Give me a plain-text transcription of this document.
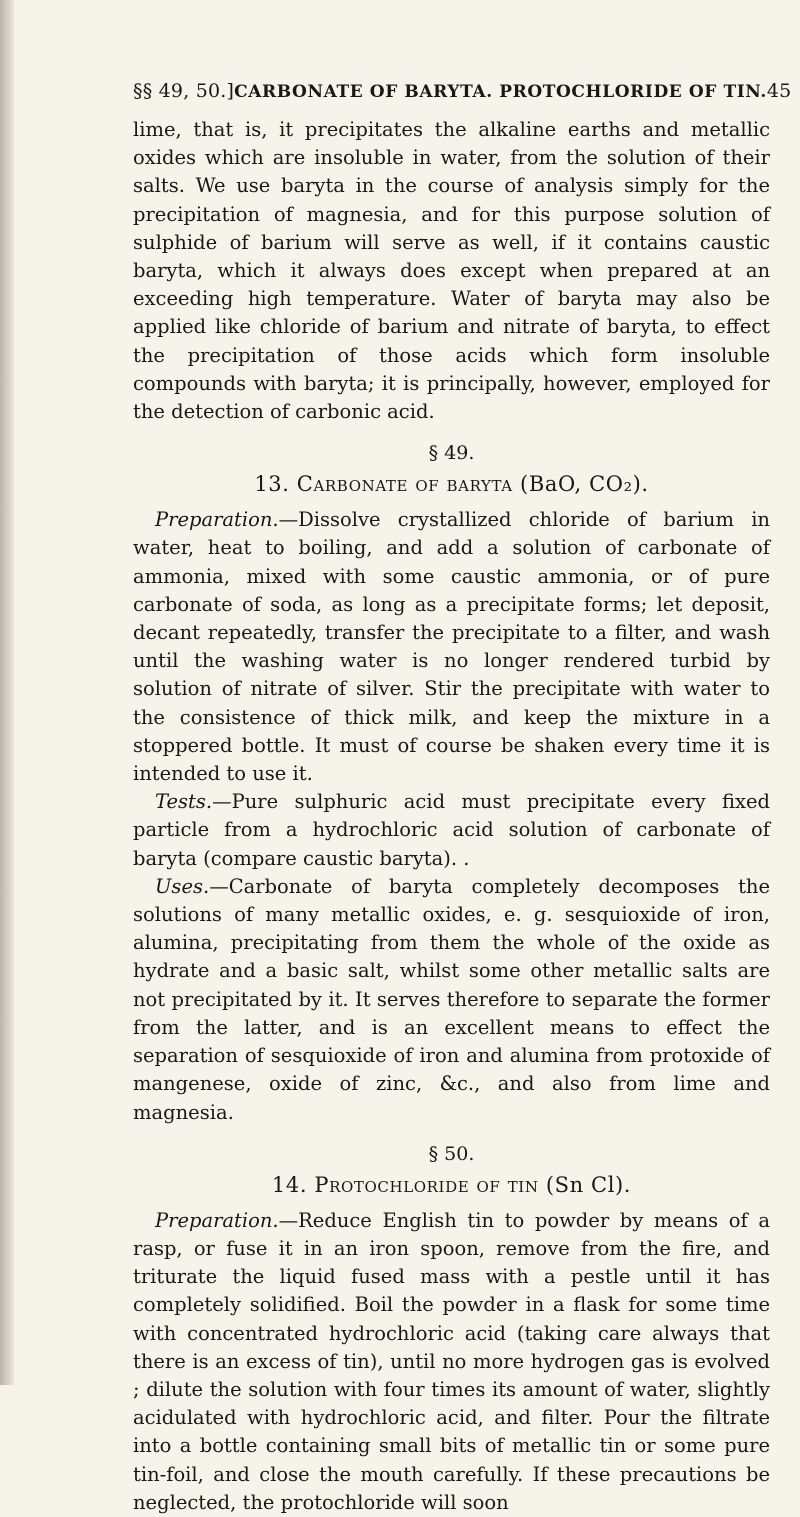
§§ 49, 50.] CARBONATE OF BARYTA. PROTOCHLORIDE OF TIN. 45

lime, that is, it precipitates the alkaline earths and metallic oxides which are insoluble in water, from the solution of their salts. We use baryta in the course of analysis simply for the precipitation of magnesia, and for this purpose solution of sulphide of barium will serve as well, if it contains caustic baryta, which it always does except when prepared at an exceeding high temperature. Water of baryta may also be applied like chloride of barium and nitrate of baryta, to effect the precipitation of those acids which form insoluble compounds with baryta; it is principally, however, employed for the detection of carbonic acid.

§ 49.
13. Carbonate of baryta (BaO, CO₂).

Preparation.—Dissolve crystallized chloride of barium in water, heat to boiling, and add a solution of carbonate of ammonia, mixed with some caustic ammonia, or of pure carbonate of soda, as long as a precipitate forms; let deposit, decant repeatedly, transfer the precipitate to a filter, and wash until the washing water is no longer rendered turbid by solution of nitrate of silver. Stir the precipitate with water to the consistence of thick milk, and keep the mixture in a stoppered bottle. It must of course be shaken every time it is intended to use it.

Tests.—Pure sulphuric acid must precipitate every fixed particle from a hydrochloric acid solution of carbonate of baryta (compare caustic baryta). .

Uses.—Carbonate of baryta completely decomposes the solutions of many metallic oxides, e. g. sesquioxide of iron, alumina, precipitating from them the whole of the oxide as hydrate and a basic salt, whilst some other metallic salts are not precipitated by it. It serves therefore to separate the former from the latter, and is an excellent means to effect the separation of sesquioxide of iron and alumina from protoxide of mangenese, oxide of zinc, &c., and also from lime and magnesia.

§ 50.
14. Protochloride of tin (Sn Cl).

Preparation.—Reduce English tin to powder by means of a rasp, or fuse it in an iron spoon, remove from the fire, and triturate the liquid fused mass with a pestle until it has completely solidified. Boil the powder in a flask for some time with concentrated hydrochloric acid (taking care always that there is an excess of tin), until no more hydrogen gas is evolved ; dilute the solution with four times its amount of water, slightly acidulated with hydrochloric acid, and filter. Pour the filtrate into a bottle containing small bits of metallic tin or some pure tin-foil, and close the mouth carefully. If these precautions be neglected, the protochloride will soon
